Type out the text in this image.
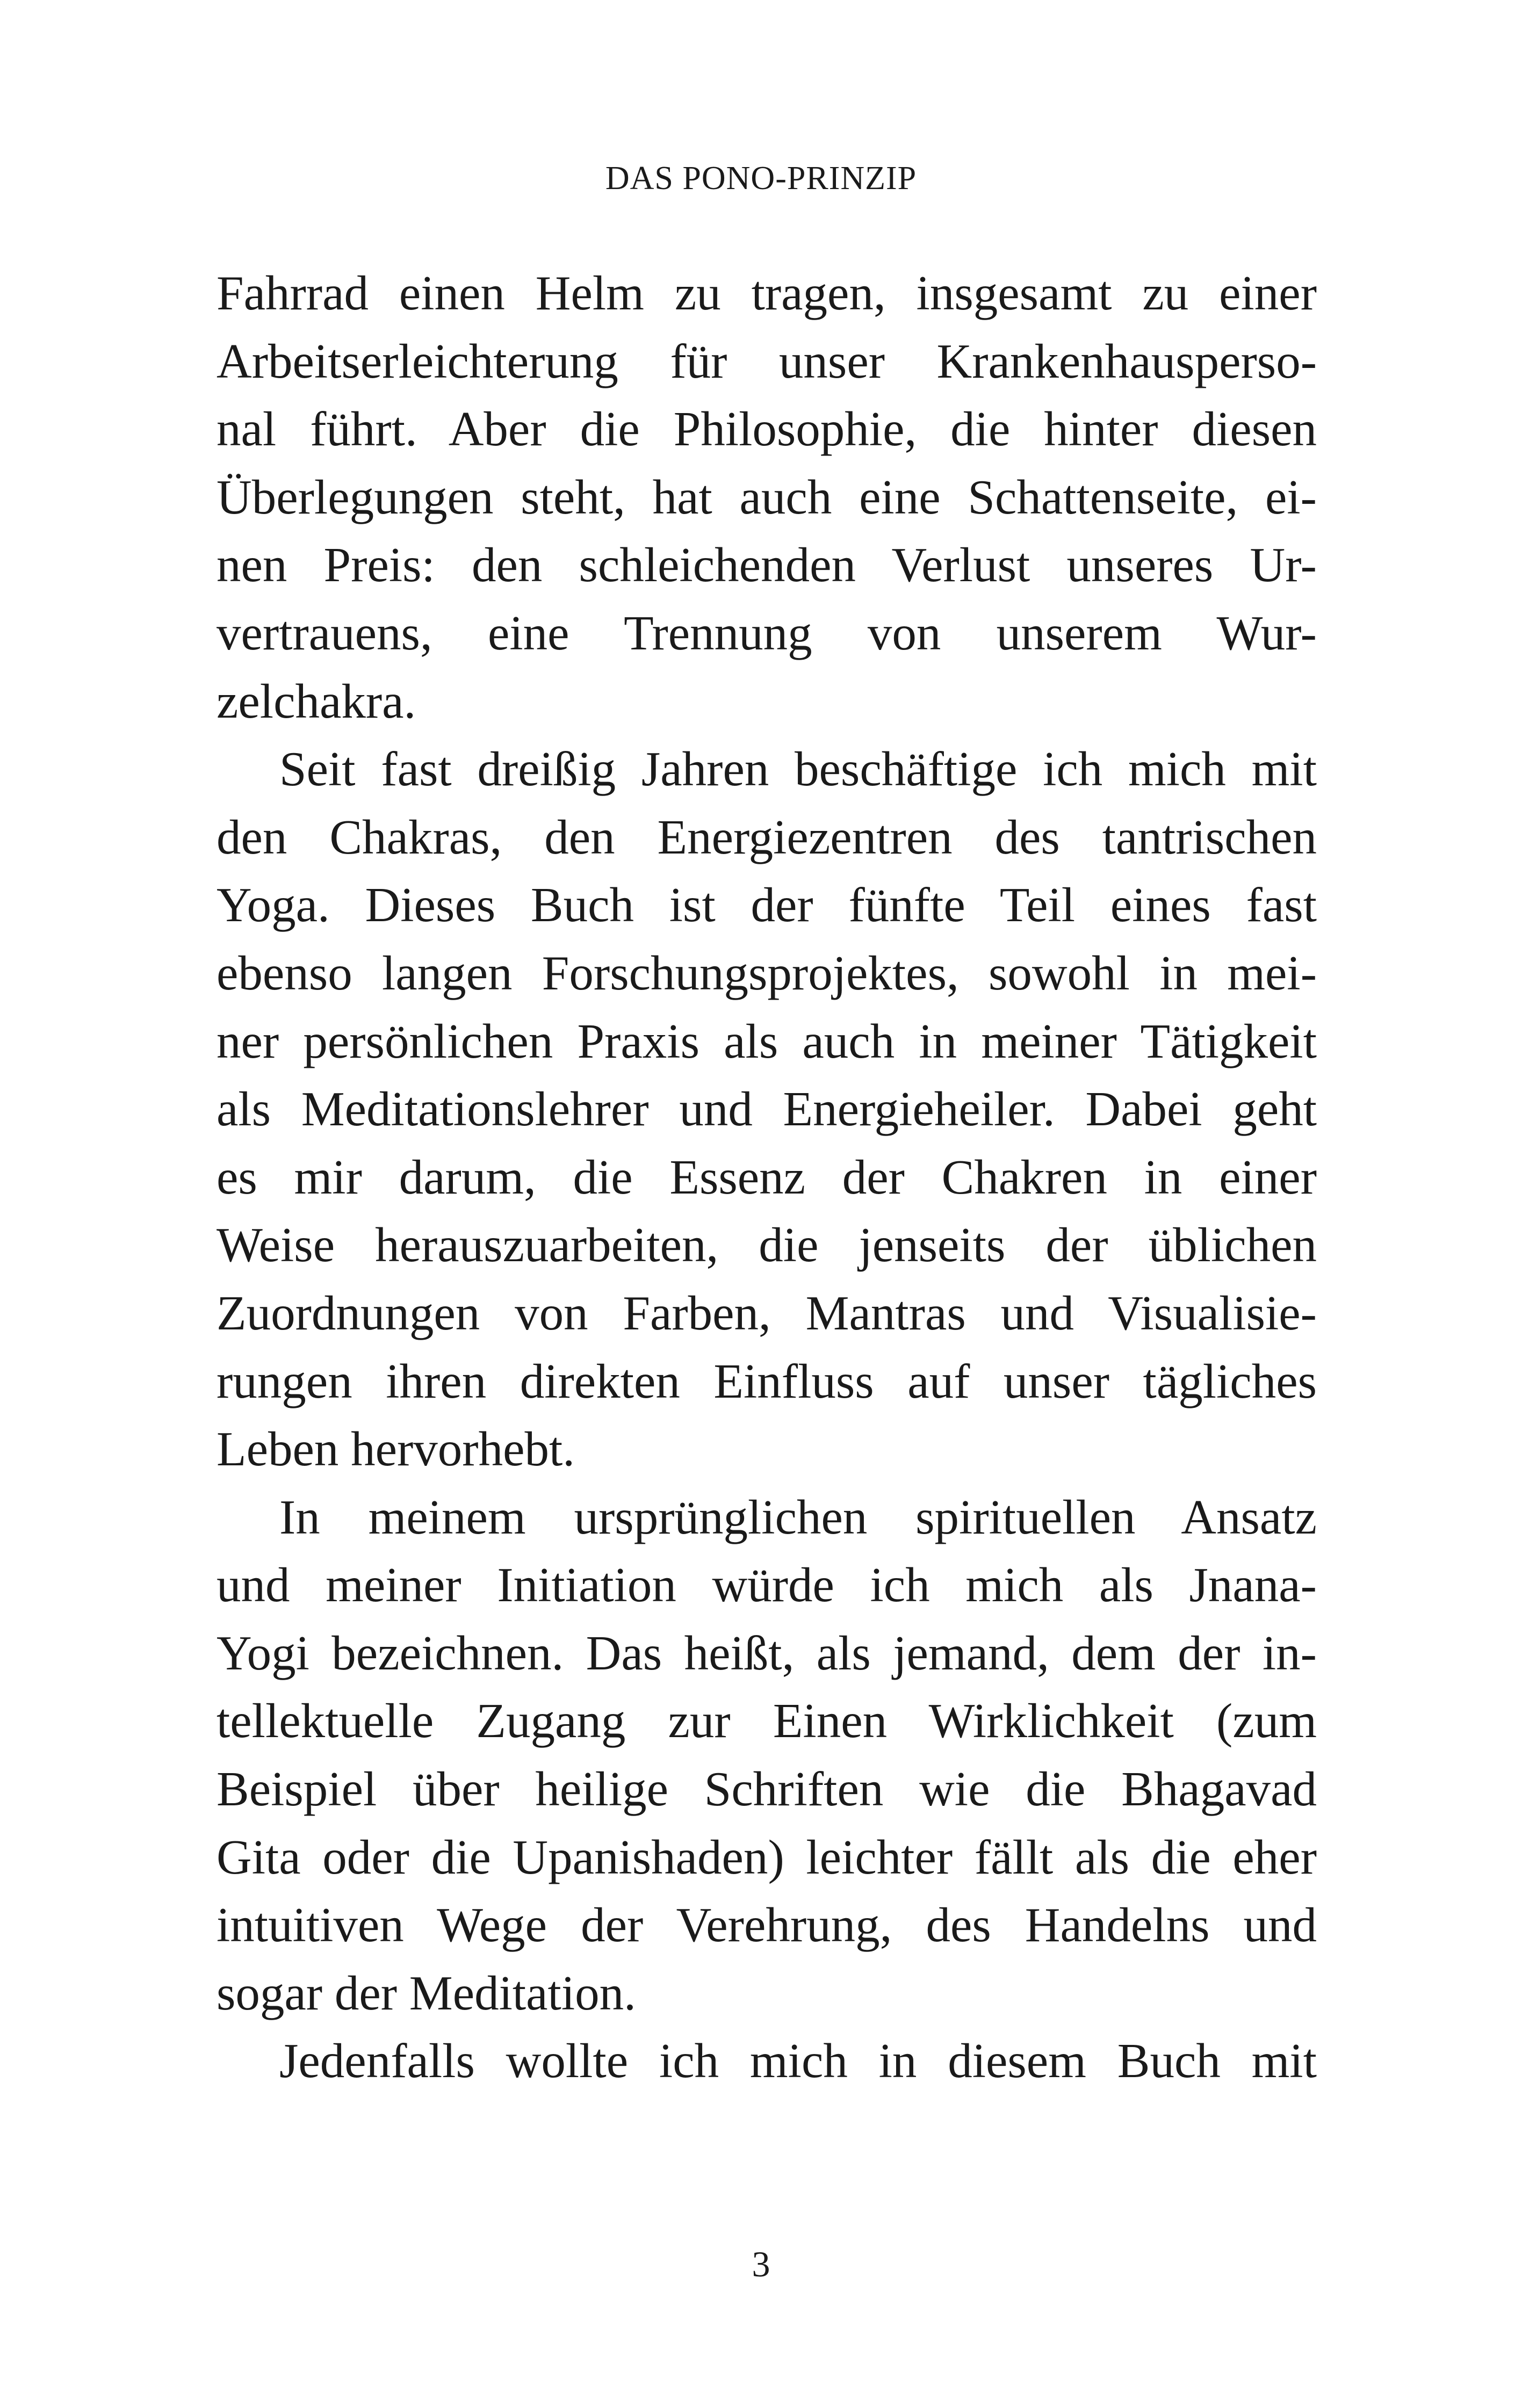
DAS PONO-PRINZIP
Fahrrad einen Helm zu tragen, insgesamt zu einer
Arbeitserleichterung für unser Krankenhausperso-
nal führt. Aber die Philosophie, die hinter diesen
Überlegungen steht, hat auch eine Schattenseite, ei-
nen Preis: den schleichenden Verlust unseres Ur-
vertrauens, eine Trennung von unserem Wur-
zelchakra.
Seit fast dreißig Jahren beschäftige ich mich mit
den Chakras, den Energiezentren des tantrischen
Yoga. Dieses Buch ist der fünfte Teil eines fast
ebenso langen Forschungsprojektes, sowohl in mei-
ner persönlichen Praxis als auch in meiner Tätigkeit
als Meditationslehrer und Energieheiler. Dabei geht
es mir darum, die Essenz der Chakren in einer
Weise herauszuarbeiten, die jenseits der üblichen
Zuordnungen von Farben, Mantras und Visualisie-
rungen ihren direkten Einfluss auf unser tägliches
Leben hervorhebt.
In meinem ursprünglichen spirituellen Ansatz
und meiner Initiation würde ich mich als Jnana-
Yogi bezeichnen. Das heißt, als jemand, dem der in-
tellektuelle Zugang zur Einen Wirklichkeit (zum
Beispiel über heilige Schriften wie die Bhagavad
Gita oder die Upanishaden) leichter fällt als die eher
intuitiven Wege der Verehrung, des Handelns und
sogar der Meditation.
Jedenfalls wollte ich mich in diesem Buch mit
3
